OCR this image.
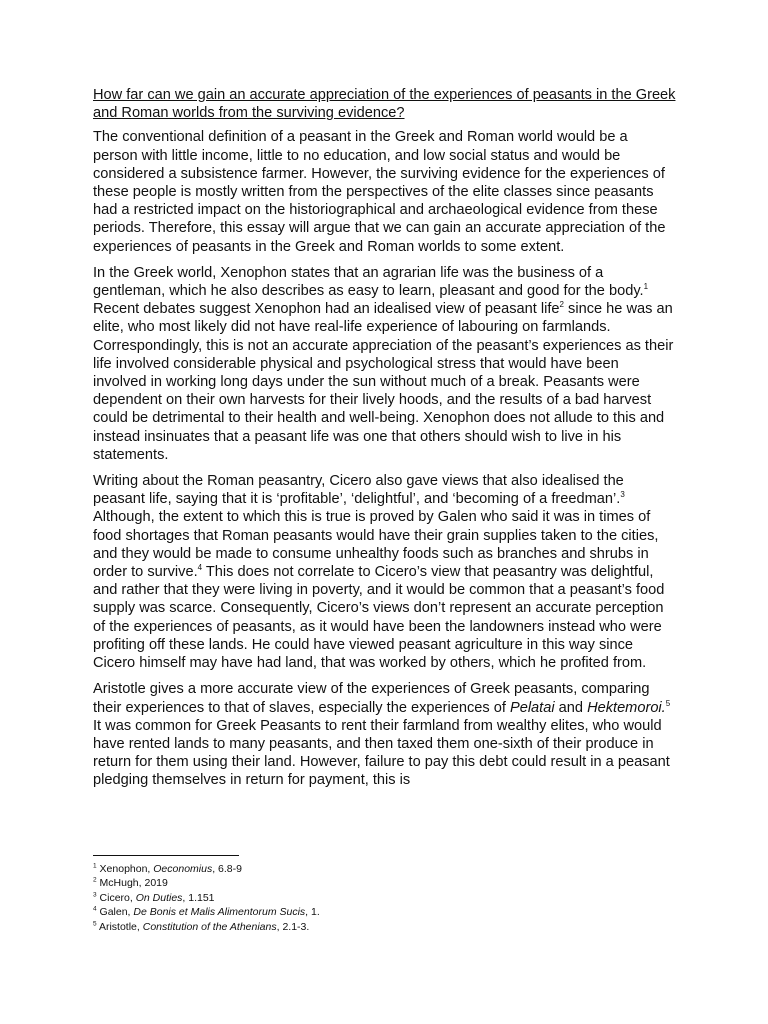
How far can we gain an accurate appreciation of the experiences of peasants in the Greek and Roman worlds from the surviving evidence?

The conventional definition of a peasant in the Greek and Roman world would be a person with little income, little to no education, and low social status and would be considered a subsistence farmer. However, the surviving evidence for the experiences of these people is mostly written from the perspectives of the elite classes since peasants had a restricted impact on the historiographical and archaeological evidence from these periods. Therefore, this essay will argue that we can gain an accurate appreciation of the experiences of peasants in the Greek and Roman worlds to some extent.

In the Greek world, Xenophon states that an agrarian life was the business of a gentleman, which he also describes as easy to learn, pleasant and good for the body.$^1$ Recent debates suggest Xenophon had an idealised view of peasant life$^2$ since he was an elite, who most likely did not have real-life experience of labouring on farmlands. Correspondingly, this is not an accurate appreciation of the peasant’s experiences as their life involved considerable physical and psychological stress that would have been involved in working long days under the sun without much of a break. Peasants were dependent on their own harvests for their lively hoods, and the results of a bad harvest could be detrimental to their health and well-being. Xenophon does not allude to this and instead insinuates that a peasant life was one that others should wish to live in his statements.

Writing about the Roman peasantry, Cicero also gave views that also idealised the peasant life, saying that it is ‘profitable’, ‘delightful’, and ‘becoming of a freedman’.$^3$ Although, the extent to which this is true is proved by Galen who said it was in times of food shortages that Roman peasants would have their grain supplies taken to the cities, and they would be made to consume unhealthy foods such as branches and shrubs in order to survive.$^4$ This does not correlate to Cicero’s view that peasantry was delightful, and rather that they were living in poverty, and it would be common that a peasant’s food supply was scarce. Consequently, Cicero’s views don’t represent an accurate perception of the experiences of peasants, as it would have been the landowners instead who were profiting off these lands. He could have viewed peasant agriculture in this way since Cicero himself may have had land, that was worked by others, which he profited from.

Aristotle gives a more accurate view of the experiences of Greek peasants, comparing their experiences to that of slaves, especially the experiences of Pelatai and Hektemoroi.$^5$ It was common for Greek Peasants to rent their farmland from wealthy elites, who would have rented lands to many peasants, and then taxed them one-sixth of their produce in return for them using their land. However, failure to pay this debt could result in a peasant pledging themselves in return for payment, this is

$^1$ Xenophon, Oeconomius, 6.8-9
$^2$ McHugh, 2019
$^3$ Cicero, On Duties, 1.151
$^4$ Galen, De Bonis et Malis Alimentorum Sucis, 1.
$^5$ Aristotle, Constitution of the Athenians, 2.1-3.
